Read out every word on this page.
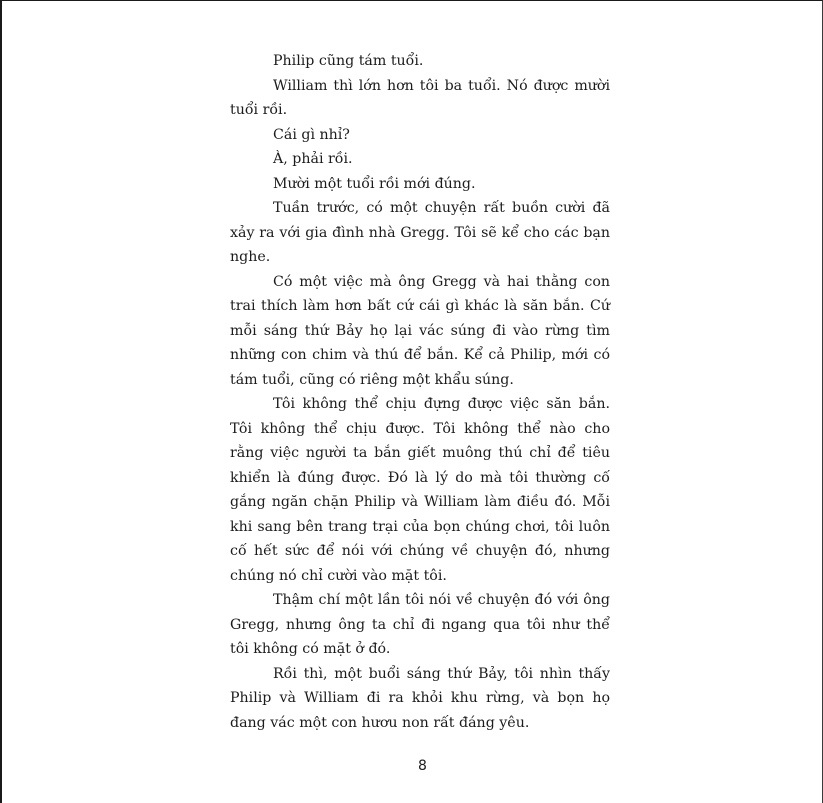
Philip cũng tám tuổi.

William thì lớn hơn tôi ba tuổi. Nó được mười tuổi rồi.

Cái gì nhỉ?

À, phải rồi.

Mười một tuổi rồi mới đúng.

Tuần trước, có một chuyện rất buồn cười đã xảy ra với gia đình nhà Gregg. Tôi sẽ kể cho các bạn nghe.

Có một việc mà ông Gregg và hai thằng con trai thích làm hơn bất cứ cái gì khác là săn bắn. Cứ mỗi sáng thứ Bảy họ lại vác súng đi vào rừng tìm những con chim và thú để bắn. Kể cả Philip, mới có tám tuổi, cũng có riêng một khẩu súng.

Tôi không thể chịu đựng được việc săn bắn. Tôi không thể chịu được. Tôi không thể nào cho rằng việc người ta bắn giết muông thú chỉ để tiêu khiển là đúng được. Đó là lý do mà tôi thường cố gắng ngăn chặn Philip và William làm điều đó. Mỗi khi sang bên trang trại của bọn chúng chơi, tôi luôn cố hết sức để nói với chúng về chuyện đó, nhưng chúng nó chỉ cười vào mặt tôi.

Thậm chí một lần tôi nói về chuyện đó với ông Gregg, nhưng ông ta chỉ đi ngang qua tôi như thể tôi không có mặt ở đó.

Rồi thì, một buổi sáng thứ Bảy, tôi nhìn thấy Philip và William đi ra khỏi khu rừng, và bọn họ đang vác một con hươu non rất đáng yêu.

8
